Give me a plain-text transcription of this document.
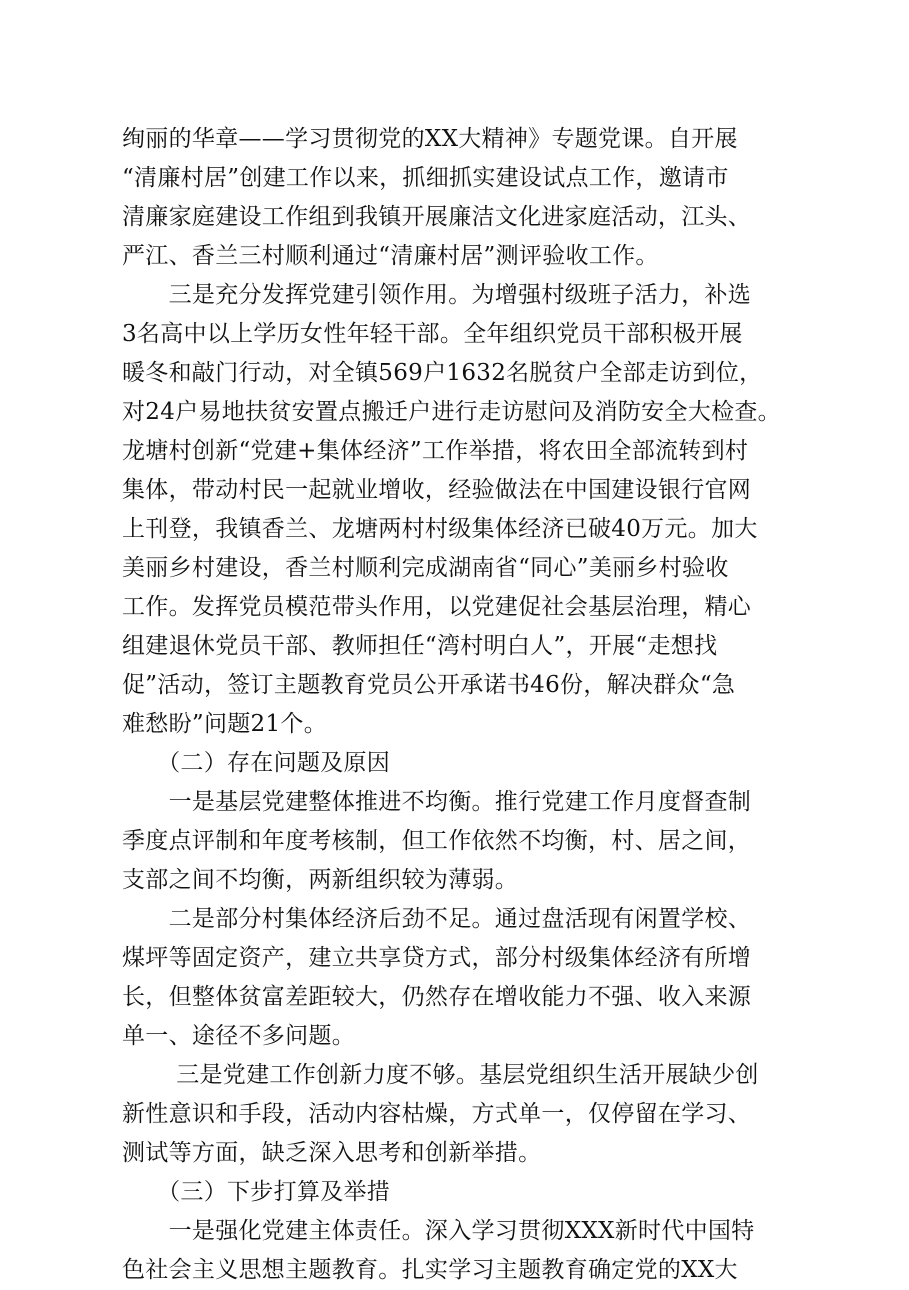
绚丽的华章——学习贯彻党的XX大精神》专题党课。自开展
“清廉村居”创建工作以来，抓细抓实建设试点工作，邀请市
清廉家庭建设工作组到我镇开展廉洁文化进家庭活动，江头、
严江、香兰三村顺利通过“清廉村居”测评验收工作。
　　三是充分发挥党建引领作用。为增强村级班子活力，补选
3名高中以上学历女性年轻干部。全年组织党员干部积极开展
暖冬和敲门行动，对全镇569户1632名脱贫户全部走访到位，
对24户易地扶贫安置点搬迁户进行走访慰问及消防安全大检查。
龙塘村创新“党建+集体经济”工作举措，将农田全部流转到村
集体，带动村民一起就业增收，经验做法在中国建设银行官网
上刊登，我镇香兰、龙塘两村村级集体经济已破40万元。加大
美丽乡村建设，香兰村顺利完成湖南省“同心”美丽乡村验收
工作。发挥党员模范带头作用，以党建促社会基层治理，精心
组建退休党员干部、教师担任“湾村明白人”，开展“走想找
促”活动，签订主题教育党员公开承诺书46份，解决群众“急
难愁盼”问题21个。
　　（二）存在问题及原因
　　一是基层党建整体推进不均衡。推行党建工作月度督查制
季度点评制和年度考核制，但工作依然不均衡，村、居之间，
支部之间不均衡，两新组织较为薄弱。
　　二是部分村集体经济后劲不足。通过盘活现有闲置学校、
煤坪等固定资产，建立共享贷方式，部分村级集体经济有所增
长，但整体贫富差距较大，仍然存在增收能力不强、收入来源
单一、途径不多问题。
　　 三是党建工作创新力度不够。基层党组织生活开展缺少创
新性意识和手段，活动内容枯燥，方式单一，仅停留在学习、
测试等方面，缺乏深入思考和创新举措。
　　（三）下步打算及举措
　　一是强化党建主体责任。深入学习贯彻XXX新时代中国特
色社会主义思想主题教育。扎实学习主题教育确定党的XX大
